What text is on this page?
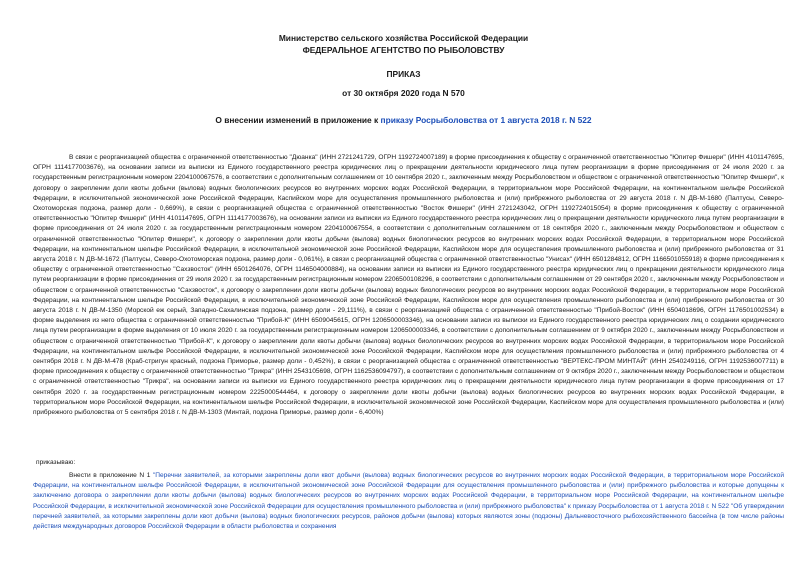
Министерство сельского хозяйства Российской Федерации
ФЕДЕРАЛЬНОЕ АГЕНТСТВО ПО РЫБОЛОВСТВУ
ПРИКАЗ
от 30 октября 2020 года N 570
О внесении изменений в приложение к приказу Росрыболовства от 1 августа 2018 г. N 522
В связи с реорганизацией общества с ограниченной ответственностью "Дюанка" (ИНН 2721241729, ОГРН 1192724007189) в форме присоединения к обществу с ограниченной ответственностью "Юпитер Фишери" (ИНН 4101147695, ОГРН 1114177003676), на основании записи из выписки из Единого государственного реестра юридических лиц о прекращении деятельности юридического лица путем реорганизации в форме присоединения от 24 июля 2020 г. за государственным регистрационным номером 2204100067576, в соответствии с дополнительным соглашением от 10 сентября 2020 г., заключенным между Росрыболовством и обществом с ограниченной ответственностью "Юпитер Фишери", к договору о закреплении доли квоты добычи (вылова) водных биологических ресурсов во внутренних морских водах Российской Федерации, в территориальном море Российской Федерации, на континентальном шельфе Российской Федерации, в исключительной экономической зоне Российской Федерации, Каспийском море для осуществления промышленного рыболовства и (или) прибрежного рыболовства от 29 августа 2018 г. N ДВ-М-1680 (Палтусы, Северо-Охотоморская подзона, размер доли - 0,669%), в связи с реорганизацией общества с ограниченной ответственностью "Восток Фишери" (ИНН 2721243042, ОГРН 1192724015054) в форме присоединения к обществу с ограниченной ответственностью "Юпитер Фишери" (ИНН 4101147695, ОГРН 1114177003676), на основании записи из выписки из Единого государственного реестра юридических лиц о прекращении деятельности юридического лица путем реорганизации в форме присоединения от 24 июля 2020 г. за государственным регистрационным номером 2204100067554, в соответствии с дополнительным соглашением от 18 сентября 2020 г., заключенным между Росрыболовством и обществом с ограниченной ответственностью "Юпитер Фишери", к договору о закреплении доли квоты добычи (вылова) водных биологических ресурсов во внутренних морских водах Российской Федерации, в территориальном море Российской Федерации, на континентальном шельфе Российской Федерации, в исключительной экономической зоне Российской Федерации, Каспийском море для осуществления промышленного рыболовства и (или) прибрежного рыболовства от 31 августа 2018 г. N ДВ-М-1672 (Палтусы, Северо-Охотоморская подзона, размер доли - 0,061%), в связи с реорганизацией общества с ограниченной ответственностью "Унисах" (ИНН 6501284812, ОГРН 1166501055918) в форме присоединения к обществу с ограниченной ответственностью "Сахзвосток" (ИНН 6501264076, ОГРН 1146504000884), на основании записи из выписки из Единого государственного реестра юридических лиц о прекращении деятельности юридического лица путем реорганизации в форме присоединения от 29 июля 2020 г. за государственным регистрационным номером 2206500108296, в соответствии с дополнительным соглашением от 29 сентября 2020 г., заключенным между Росрыболовством и обществом с ограниченной ответственностью "Сахзвосток", к договору о закреплении доли квоты добычи (вылова) водных биологических ресурсов во внутренних морских водах Российской Федерации, в территориальном море Российской Федерации, на континентальном шельфе Российской Федерации, в исключительной экономической зоне Российской Федерации, Каспийском море для осуществления промышленного рыболовства и (или) прибрежного рыболовства от 30 августа 2018 г. N ДВ-М-1350 (Морской еж серый, Западно-Сахалинская подзона, размер доли - 29,111%), в связи с реорганизацией общества с ограниченной ответственностью "Прибой-Восток" (ИНН 6504018696, ОГРН 1176501002534) в форме выделения из него общества с ограниченной ответственностью "Прибой-К" (ИНН 6509045615, ОГРН 1206500003346), на основании записи из выписки из Единого государственного реестра юридических лиц о создании юридического лица путем реорганизации в форме выделения от 10 июля 2020 г. за государственным регистрационным номером 1206500003346, в соответствии с дополнительным соглашением от 9 октября 2020 г., заключенным между Росрыболовством и обществом с ограниченной ответственностью "Прибой-К", к договору о закреплении доли квоты добычи (вылова) водных биологических ресурсов во внутренних морских водах Российской Федерации, в территориальном море Российской Федерации, на континентальном шельфе Российской Федерации, в исключительной экономической зоне Российской Федерации, Каспийском море для осуществления промышленного рыболовства и (или) прибрежного рыболовства от 4 сентября 2018 г. N ДВ-М-478 (Краб-стригун красный, подзона Приморье, размер доли - 0,452%), в связи с реорганизацией общества с ограниченной ответственностью "ВЕРТЕКС-ПРОМ МИНТАЙ" (ИНН 2540249116, ОГРН 1192536007711) в форме присоединения к обществу с ограниченной ответственностью "Трикра" (ИНН 2543105698, ОГРН 1162536094797), в соответствии с дополнительным соглашением от 9 октября 2020 г., заключенным между Росрыболовством и обществом с ограниченной ответственностью "Трикра", на основании записи из выписки из Единого государственного реестра юридических лиц о прекращении деятельности юридического лица путем реорганизации в форме присоединения от 17 сентября 2020 г. за государственным регистрационным номером 2225000544464, к договору о закреплении доли квоты добычи (вылова) водных биологических ресурсов во внутренних морских водах Российской Федерации, в территориальном море Российской Федерации, на континентальном шельфе Российской Федерации, в исключительной экономической зоне Российской Федерации, Каспийском море для осуществления промышленного рыболовства и (или) прибрежного рыболовства от 5 сентября 2018 г. N ДВ-М-1303 (Минтай, подзона Приморье, размер доли - 6,400%)
приказываю:
Внести в приложение N 1 "Перечни заявителей, за которыми закреплены доли квот добычи (вылова) водных биологических ресурсов во внутренних морских водах Российской Федерации, в территориальном море Российской Федерации, на континентальном шельфе Российской Федерации, в исключительной экономической зоне Российской Федерации для осуществления промышленного рыболовства и (или) прибрежного рыболовства и которые допущены к заключению договора о закреплении доли квоты добычи (вылова) водных биологических ресурсов во внутренних морских водах Российской Федерации, в территориальном море Российской Федерации, на континентальном шельфе Российской Федерации, в исключительной экономической зоне Российской Федерации для осуществления промышленного рыболовства и (или) прибрежного рыболовства" к приказу Росрыболовства от 1 августа 2018 г. N 522 "Об утверждении перечней заявителей, за которыми закреплены доли квот добычи (вылова) водных биологических ресурсов, районов добычи (вылова) которых являются зоны (подзоны) Дальневосточного рыбохозяйственного бассейна (в том числе районы действия международных договоров Российской Федерации в области рыболовства и сохранения
